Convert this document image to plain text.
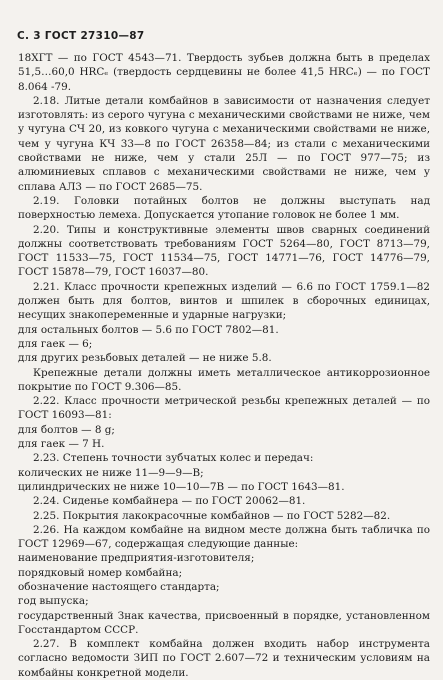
С. 3 ГОСТ 27310—87

18ХГТ — по ГОСТ 4543—71. Твердость зубьев должна быть в пределах 51,5…60,0 HRCₑ (твердость сердцевины не более 41,5 HRCₑ) — по ГОСТ 8.064 -79.

2.18. Литые детали комбайнов в зависимости от назначения следует изготовлять: из серого чугуна с механическими свойствами не ниже, чем у чугуна СЧ 20, из ковкого чугуна с механическими свойствами не ниже, чем у чугуна КЧ 33—8 по ГОСТ 26358—84; из стали с механическими свойствами не ниже, чем у стали 25Л — по ГОСТ 977—75; из алюминиевых сплавов с механическими свойствами не ниже, чем у сплава АЛ3 — по ГОСТ 2685—75.

2.19. Головки потайных болтов не должны выступать над поверхностью лемеха. Допускается утопание головок не более 1 мм.

2.20. Типы и конструктивные элементы швов сварных соединений должны соответствовать требованиям ГОСТ 5264—80, ГОСТ 8713—79, ГОСТ 11533—75, ГОСТ 11534—75, ГОСТ 14771—76, ГОСТ 14776—79, ГОСТ 15878—79, ГОСТ 16037—80.

2.21. Класс прочности крепежных изделий — 6.6 по ГОСТ 1759.1—82 должен быть для болтов, винтов и шпилек в сборочных единицах, несущих знакопеременные и ударные нагрузки;

для остальных болтов — 5.6 по ГОСТ 7802—81.

для гаек — 6;

для других резьбовых деталей — не ниже 5.8.

Крепежные детали должны иметь металлическое антикоррозионное покрытие по ГОСТ 9.306—85.

2.22. Класс прочности метрической резьбы крепежных деталей — по ГОСТ 16093—81:

для болтов — 8 g;

для гаек — 7 Н.

2.23. Степень точности зубчатых колес и передач:

колических не ниже 11—9—9—В;

цилиндрических не ниже 10—10—7В — по ГОСТ 1643—81.

2.24. Сиденье комбайнера — по ГОСТ 20062—81.

2.25. Покрытия лакокрасочные комбайнов — по ГОСТ 5282—82.

2.26. На каждом комбайне на видном месте должна быть табличка по ГОСТ 12969—67, содержащая следующие данные:

наименование предприятия-изготовителя;

порядковый номер комбайна;

обозначение настоящего стандарта;

год выпуска;

государственный Знак качества, присвоенный в порядке, установленном Госстандартом СССР.

2.27. В комплект комбайна должен входить набор инструмента согласно ведомости ЗИП по ГОСТ 2.607—72 и техническим условиям на комбайны конкретной модели.
